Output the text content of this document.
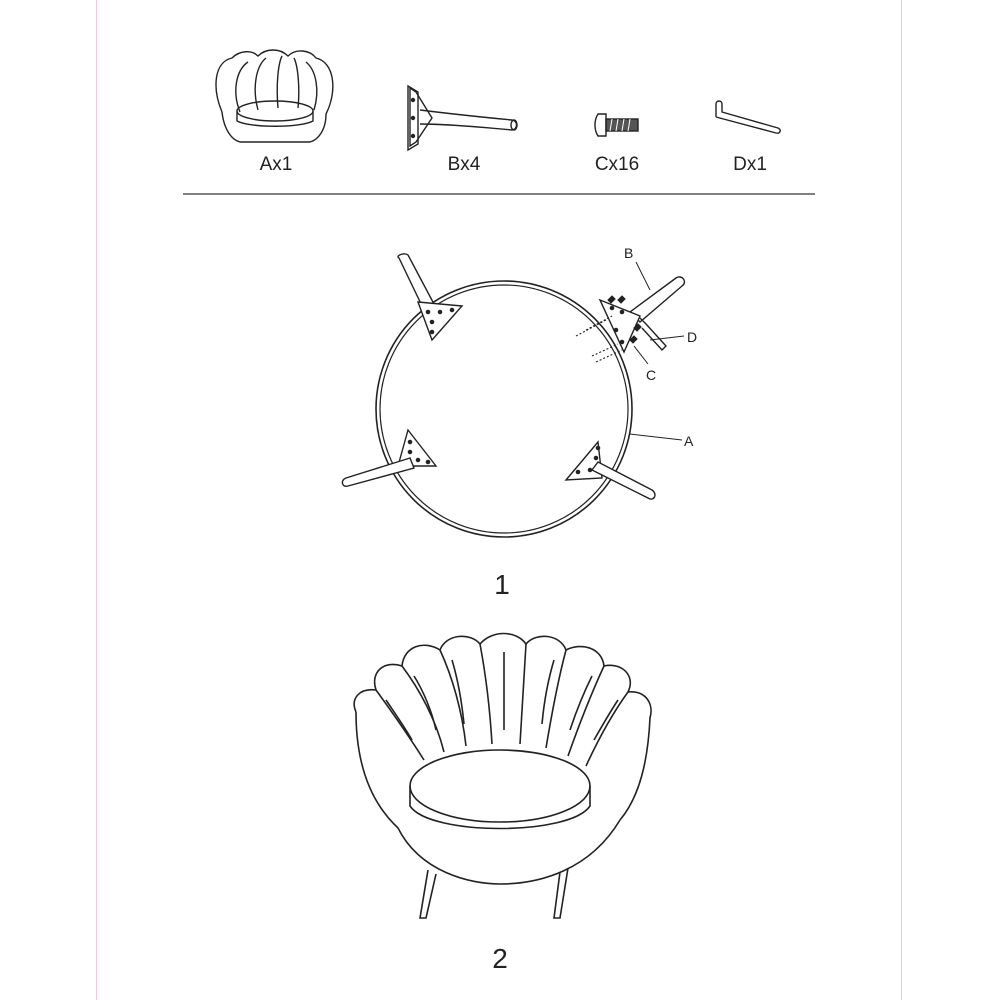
Ax1	Bx4	Cx16	Dx1
B
D
C
A
1
2
